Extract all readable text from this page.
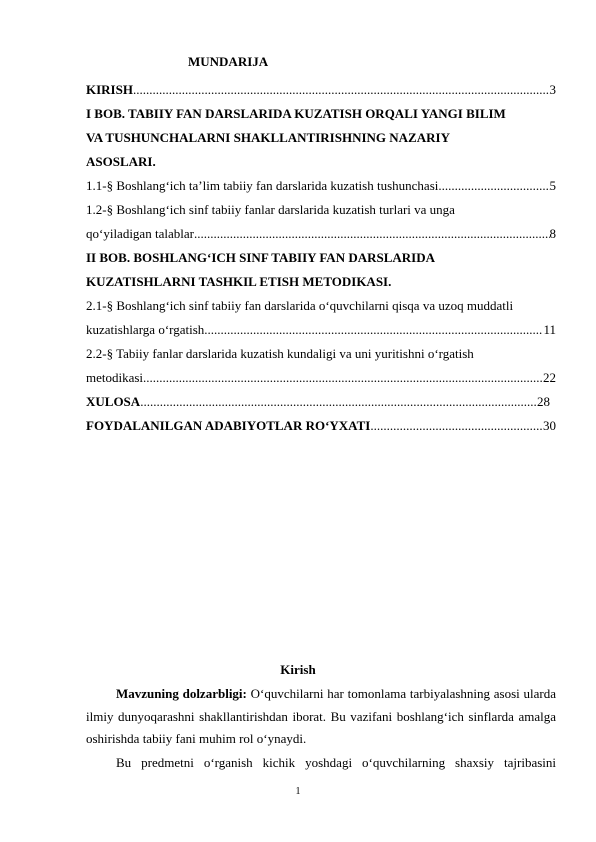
MUNDARIJA
KIRISH .....	3
I BOB. TABIIY FAN DARSLARIDA KUZATISH ORQALI YANGI BILIM
VA TUSHUNCHALARNI SHAKLLANTIRISHNING NAZARIY
ASOSLARI.
1.1-§ Boshlang‘ich ta’lim tabiiy fan darslarida kuzatish tushunchasi .....	5
1.2-§ Boshlang‘ich sinf tabiiy fanlar darslarida kuzatish turlari va unga
qo‘yiladigan talablar .....	8
II BOB. BOSHLANG‘ICH SINF TABIIY FAN DARSLARIDA
KUZATISHLARNI TASHKIL ETISH METODIKASI.
2.1-§ Boshlang‘ich sinf tabiiy fan darslarida o‘quvchilarni qisqa va uzoq muddatli
kuzatishlarga o‘rgatish .....	11
2.2-§ Tabiiy fanlar darslarida kuzatish kundaligi va uni yuritishni o‘rgatish
metodikasi .....	22
XULOSA .....	28
FOYDALANILGAN ADABIYOTLAR RO‘YXATI .....	30
Kirish

Mavzuning dolzarbligi: O‘quvchilarni har tomonlama tarbiyalashning asosi ularda ilmiy dunyoqarashni shakllantirishdan iborat. Bu vazifani boshlang‘ich sinflarda amalga oshirishda tabiiy fani muhim rol o‘ynaydi.

Bu predmetni o‘rganish kichik yoshdagi o‘quvchilarning shaxsiy tajribasini

1
